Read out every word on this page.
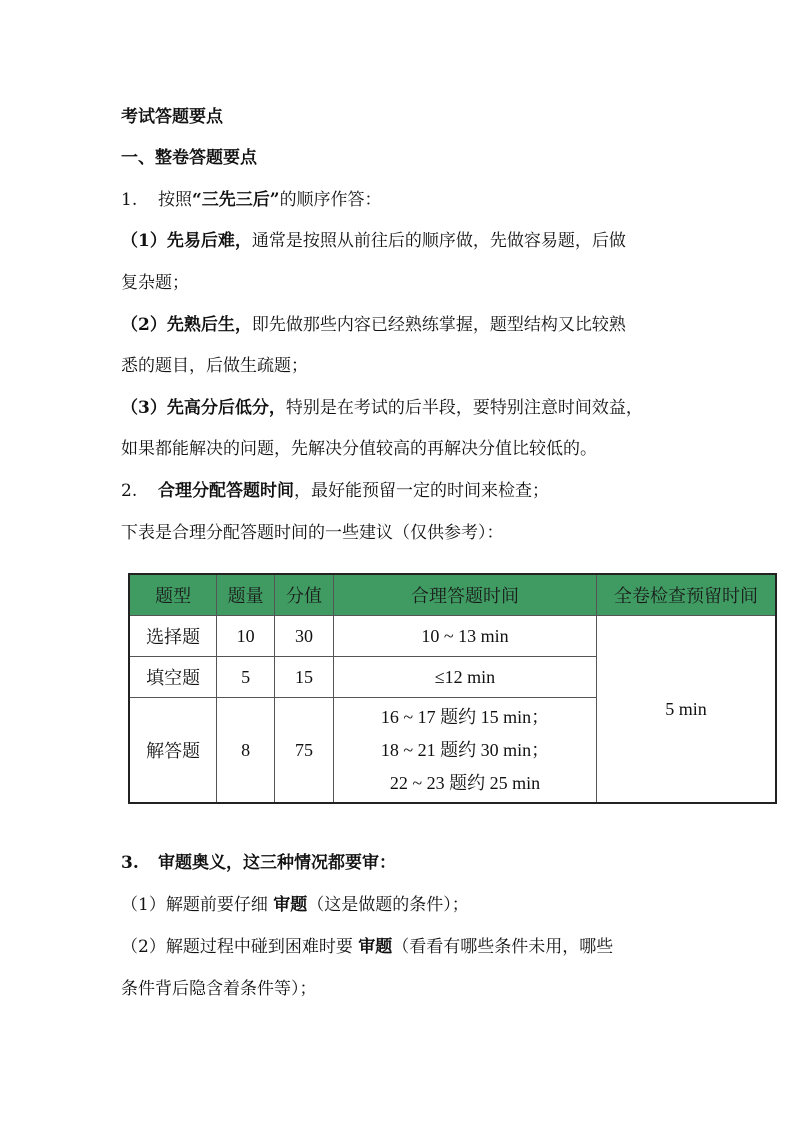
考试答题要点
一、整卷答题要点
1. 按照“三先三后”的顺序作答：
（1）先易后难，通常是按照从前往后的顺序做，先做容易题，后做
复杂题；
（2）先熟后生，即先做那些内容已经熟练掌握，题型结构又比较熟
悉的题目，后做生疏题；
（3）先高分后低分，特别是在考试的后半段，要特别注意时间效益，
如果都能解决的问题，先解决分值较高的再解决分值比较低的。
2. 合理分配答题时间，最好能预留一定的时间来检查；
下表是合理分配答题时间的一些建议（仅供参考）：
题型	题量	分值	合理答题时间	全卷检查预留时间
选择题	10	30	10 ~ 13 min	5 min
填空题	5	15	≤12 min	
解答题	8	75	16 ~ 17 题约 15 min；
18 ~ 21 题约 30 min；
22 ~ 23 题约 25 min	
3. 审题奥义，这三种情况都要审：
（1）解题前要仔细 审题（这是做题的条件）；
（2）解题过程中碰到困难时要 审题（看看有哪些条件未用，哪些
条件背后隐含着条件等）；
